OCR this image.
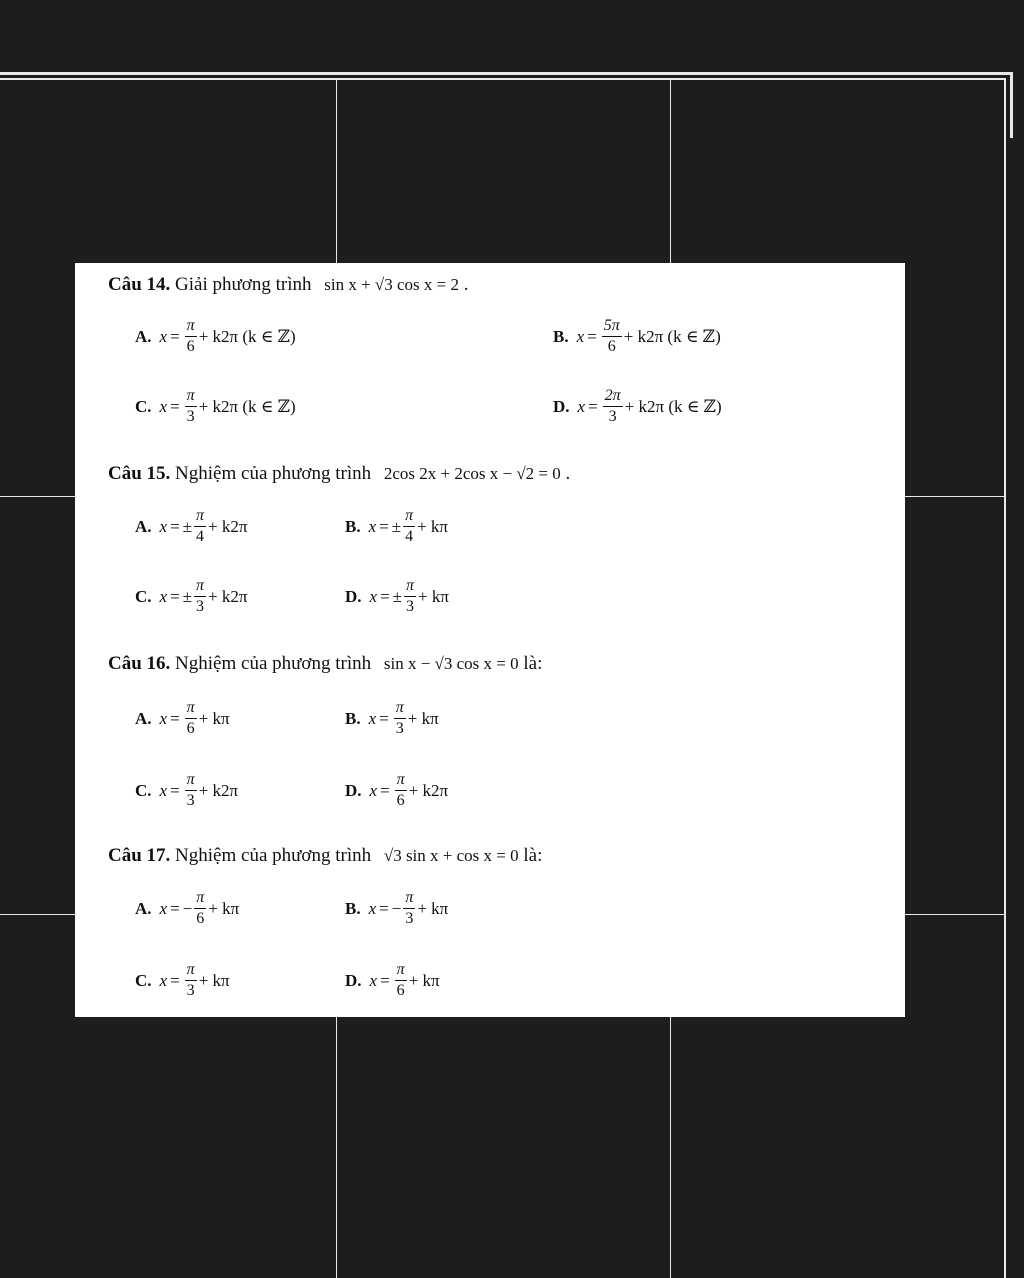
Câu 14. Giải phương trình sin x + √3 cos x = 2 .
A. $x = \frac{\pi}{6} + k2\pi$ (k ∈ ℤ)	B. $x = \frac{5\pi}{6} + k2\pi$ (k ∈ ℤ)
C. $x = \frac{\pi}{3} + k2\pi$ (k ∈ ℤ)	D. $x = \frac{2\pi}{3} + k2\pi$ (k ∈ ℤ)
Câu 15. Nghiệm của phương trình 2cos 2x + 2cos x − √2 = 0 .
A. x = ± $\frac{\pi}{4} + k2\pi$	B. x = ± $\frac{\pi}{4} + k\pi$
C. x = ± $\frac{\pi}{3} + k2\pi$	D. x = ± $\frac{\pi}{3} + k\pi$
Câu 16. Nghiệm của phương trình sin x − √3 cos x = 0 là:
A. $x = \frac{\pi}{6} + k\pi$	B. $x = \frac{\pi}{3} + k\pi$
C. $x = \frac{\pi}{3} + k2\pi$	D. $x = \frac{\pi}{6} + k2\pi$
Câu 17. Nghiệm của phương trình √3 sin x + cos x = 0 là:
A. x = − $\frac{\pi}{6} + k\pi$	B. x = − $\frac{\pi}{3} + k\pi$
C. $x = \frac{\pi}{3} + k\pi$	D. $x = \frac{\pi}{6} + k\pi$
